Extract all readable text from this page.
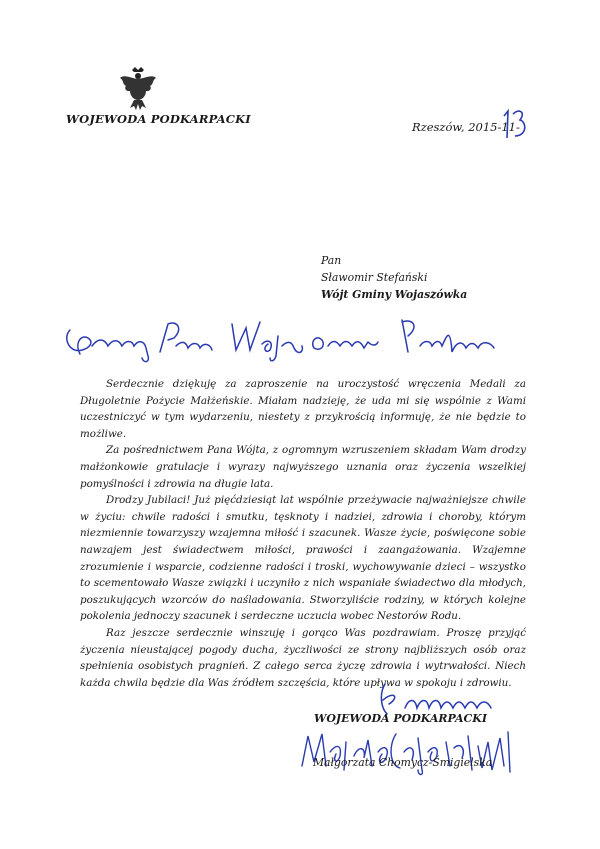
WOJEWODA PODKARPACKI
Rzeszów, 2015-11-
Pan
Sławomir Stefański
Wójt Gminy Wojaszówka

Serdecznie dziękuję za zaproszenie na uroczystość wręczenia Medali za Długoletnie Pożycie Małżeńskie. Miałam nadzieję, że uda mi się wspólnie z Wami uczestniczyć w tym wydarzeniu, niestety z przykrością informuję, że nie będzie to możliwe.

Za pośrednictwem Pana Wójta, z ogromnym wzruszeniem składam Wam drodzy małżonkowie gratulacje i wyrazy najwyższego uznania oraz życzenia wszelkiej pomyślności i zdrowia na długie lata.

Drodzy Jubilaci! Już pięćdziesiąt lat wspólnie przeżywacie najważniejsze chwile w życiu: chwile radości i smutku, tęsknoty i nadziei, zdrowia i choroby, którym niezmiennie towarzyszy wzajemna miłość i szacunek. Wasze życie, poświęcone sobie nawzajem jest świadectwem miłości, prawości i zaangażowania. Wzajemne zrozumienie i wsparcie, codzienne radości i troski, wychowywanie dzieci – wszystko to scementowało Wasze związki i uczyniło z nich wspaniałe świadectwo dla młodych, poszukujących wzorców do naśladowania. Stworzyliście rodziny, w których kolejne pokolenia jednoczy szacunek i serdeczne uczucia wobec Nestorów Rodu.

Raz jeszcze serdecznie winszuję i gorąco Was pozdrawiam. Proszę przyjąć życzenia nieustającej pogody ducha, życzliwości ze strony najbliższych osób oraz spełnienia osobistych pragnień. Z całego serca życzę zdrowia i wytrwałości. Niech każda chwila będzie dla Was źródłem szczęścia, które upływa w spokoju i zdrowiu.

WOJEWODA PODKARPACKI
Małgorzata Chomycz-Śmigielska
